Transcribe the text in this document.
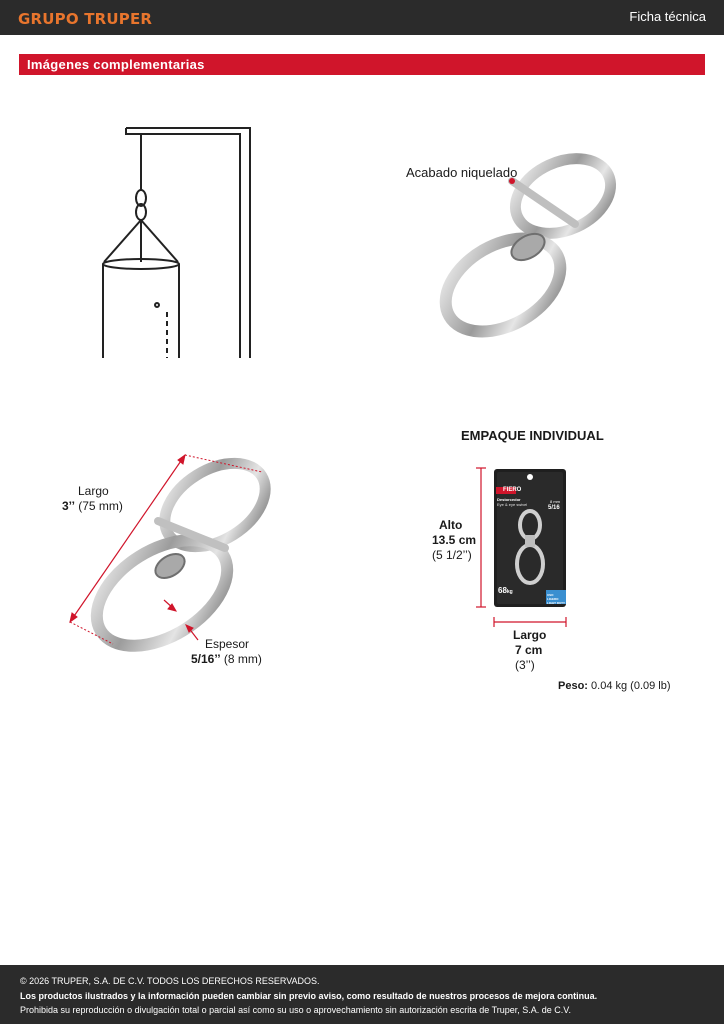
GRUPO TRUPER	Ficha técnica
Imágenes complementarias
Acabado niquelado
Largo
3’’ (75 mm)
Espesor
5/16’’ (8 mm)
EMPAQUE INDIVIDUAL
FIERO
Destorcedor
Eye & eye swivel
8 mm
5/16
68kg	USO LIGERO LIGHT DUTY
Alto
13.5 cm
(5 1/2’’)
Largo
7 cm
(3’’)
Peso: 0.04 kg (0.09 lb)
© 2026 TRUPER, S.A. DE C.V. TODOS LOS DERECHOS RESERVADOS.
Los productos ilustrados y la información pueden cambiar sin previo aviso, como resultado de nuestros procesos de mejora continua.
Prohibida su reproducción o divulgación total o parcial así como su uso o aprovechamiento sin autorización escrita de Truper, S.A. de C.V.
